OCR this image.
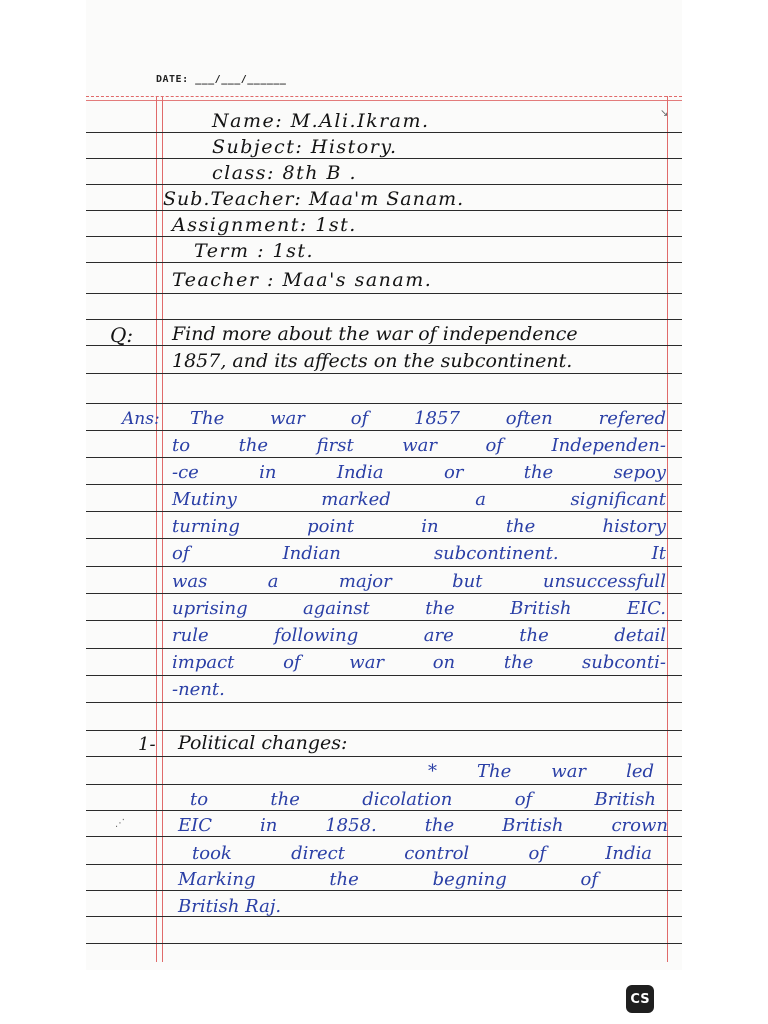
DATE: ___/___/______
Name: M.Ali.Ikram.
Subject: History.
class: 8th B .
Sub.Teacher: Maa'm Sanam.
Assignment: 1st.
Term : 1st.
Teacher : Maa's sanam.
Q: Find more about the war of independence
1857, and its affects on the subcontinent.
Ans: The	war	of	1857	often	refered
to	the	first	war	of	Independen-
-ce	in	India	or	the	sepoy
Mutiny	marked	a	significant
turning	point	in	the	history
of	Indian	subcontinent.	It
was	a	major	but	unsuccessfull
uprising	against	the	British	EIC.
rule	following	are	the	detail
impact	of	war	on	the	subconti-
-nent.
1- Political changes:
* The war led
to	the	dicolation	of	British
EIC	in	1858.	the	British	crown
took	direct	control	of	India
Marking	the	begning	of
British Raj.
↘
⋰
CS
